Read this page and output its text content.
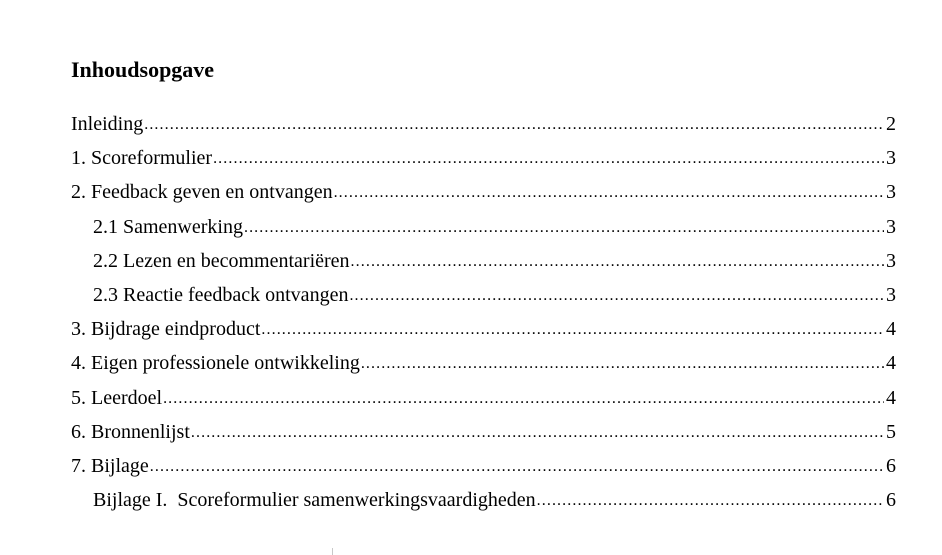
Inhoudsopgave
Inleiding .....	2
1. Scoreformulier .....	3
2. Feedback geven en ontvangen .....	3
2.1 Samenwerking .....	3
2.2 Lezen en becommentariëren .....	3
2.3 Reactie feedback ontvangen .....	3
3. Bijdrage eindproduct .....	4
4. Eigen professionele ontwikkeling .....	4
5. Leerdoel .....	4
6. Bronnenlijst .....	5
7. Bijlage .....	6
Bijlage I.  Scoreformulier samenwerkingsvaardigheden .....	6
